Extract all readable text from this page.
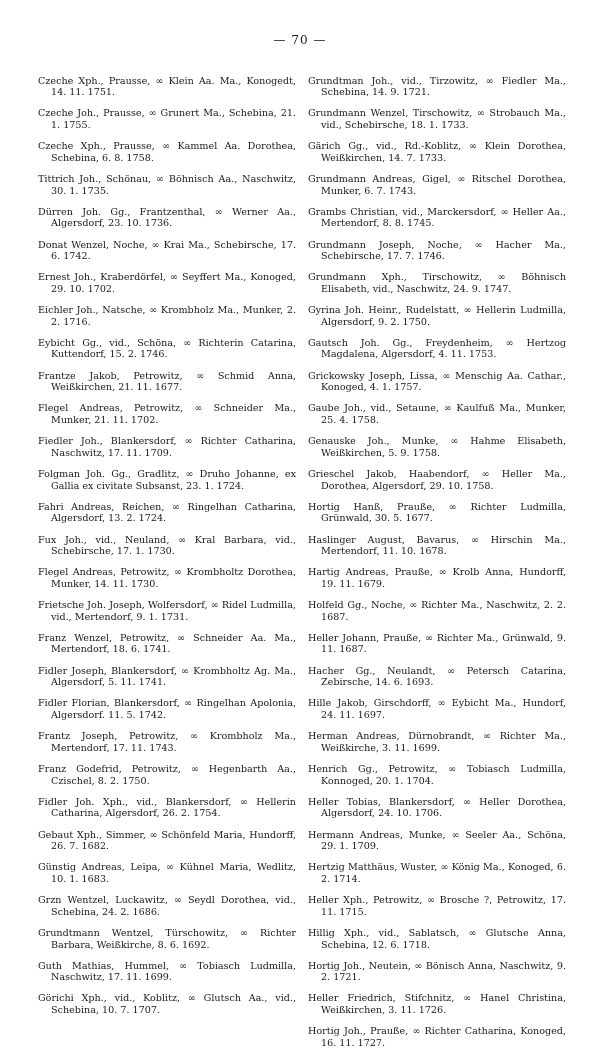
— 70 —

Czeche Xph., Prausse, ∞ Klein Aa. Ma., Konogedt, 14. 11. 1751.

Czeche Joh., Prausse, ∞ Grunert Ma., Schebina, 21. 1. 1755.

Czeche Xph., Prausse, ∞ Kammel Aa. Dorothea, Schebina, 6. 8. 1758.

Tittrich Joh., Schönau, ∞ Böhnisch Aa., Naschwitz, 30. 1. 1735.

Dürren Joh. Gg., Frantzenthal, ∞ Werner Aa., Algersdorf, 23. 10. 1736.

Donat Wenzel, Noche, ∞ Krai Ma., Schebirsche, 17. 6. 1742.

Ernest Joh., Kraberdörfel, ∞ Seyffert Ma., Konoged, 29. 10. 1702.

Eichler Joh., Natsche, ∞ Krombholz Ma., Munker, 2. 2. 1716.

Eybicht Gg., vid., Schöna, ∞ Richterin Catarina, Kuttendorf, 15. 2. 1746.

Frantze Jakob, Petrowitz, ∞ Schmid Anna, Weißkirchen, 21. 11. 1677.

Flegel Andreas, Petrowitz, ∞ Schneider Ma., Munker, 21. 11. 1702.

Fiedler Joh., Blankersdorf, ∞ Richter Catharina, Naschwitz, 17. 11. 1709.

Folgman Joh. Gg., Gradlitz, ∞ Druho Johanne, ex Gallia ex civitate Subsanst, 23. 1. 1724.

Fahri Andreas, Reichen, ∞ Ringelhan Catharina, Algersdorf, 13. 2. 1724.

Fux Joh., vid., Neuland, ∞ Kral Barbara, vid., Schebirsche, 17. 1. 1730.

Flegel Andreas, Petrowitz, ∞ Krombholtz Dorothea, Munker, 14. 11. 1730.

Frietsche Joh. Joseph, Wolfersdorf, ∞ Ridel Ludmilla, vid., Mertendorf, 9. 1. 1731.

Franz Wenzel, Petrowitz, ∞ Schneider Aa. Ma., Mertendorf, 18. 6. 1741.

Fidler Joseph, Blankersdorf, ∞ Krombholtz Ag. Ma., Algersdorf, 5. 11. 1741.

Fidler Florian, Blankersdorf, ∞ Ringelhan Apolonia, Algersdorf. 11. 5. 1742.

Frantz Joseph, Petrowitz, ∞ Krombholz Ma., Mertendorf, 17. 11. 1743.

Franz Godefrid, Petrowitz, ∞ Hegenbarth Aa., Czischel, 8. 2. 1750.

Fidler Joh. Xph., vid., Blankersdorf, ∞ Hellerin Catharina, Algersdorf, 26. 2. 1754.

Gebaut Xph., Simmer, ∞ Schönfeld Maria, Hundorff, 26. 7. 1682.

Günstig Andreas, Leipa, ∞ Kühnel Maria, Wedlitz, 10. 1. 1683.

Grzn Wentzel, Luckawitz, ∞ Seydl Dorothea, vid., Schebina, 24. 2. 1686.

Grundtmann Wentzel, Türschowitz, ∞ Richter Barbara, Weißkirche, 8. 6. 1692.

Guth Mathias, Hummel, ∞ Tobiasch Ludmilla, Naschwitz, 17. 11. 1699.

Görichi Xph., vid., Koblitz, ∞ Glutsch Aa., vid., Schebina, 10. 7. 1707.

Grundtman Joh., vid., Tirzowitz, ∞ Fiedler Ma., Schebina, 14. 9. 1721.

Grundmann Wenzel, Tirschowitz, ∞ Strobauch Ma., vid., Schebirsche, 18. 1. 1733.

Gärich Gg., vid., Rd.-Koblitz, ∞ Klein Dorothea, Weißkirchen, 14. 7. 1733.

Grundmann Andreas, Gigel, ∞ Ritschel Dorothea, Munker, 6. 7. 1743.

Grambs Christian, vid., Marckersdorf, ∞ Heller Aa., Mertendorf, 8. 8. 1745.

Grundmann Joseph, Noche, ∞ Hacher Ma., Schebirsche, 17. 7. 1746.

Grundmann Xph., Tirschowitz, ∞ Böhnisch Elisabeth, vid., Naschwitz, 24. 9. 1747.

Gyrina Joh. Heinr., Rudelstatt, ∞ Hellerin Ludmilla, Algersdorf, 9. 2. 1750.

Gautsch Joh. Gg., Freydenheim, ∞ Hertzog Magdalena, Algersdorf, 4. 11. 1753.

Grickowsky Joseph, Lissa, ∞ Menschig Aa. Cathar., Konoged, 4. 1. 1757.

Gaube Joh., vid., Setaune, ∞ Kaulfuß Ma., Munker, 25. 4. 1758.

Genauske Joh., Munke, ∞ Hahme Elisabeth, Weißkirchen, 5. 9. 1758.

Grieschel Jakob, Haabendorf, ∞ Heller Ma., Dorothea, Algersdorf, 29. 10. 1758.

Hortig Hanß, Prauße, ∞ Richter Ludmilla, Grünwald, 30. 5. 1677.

Haslinger August, Bavarus, ∞ Hirschin Ma., Mertendorf, 11. 10. 1678.

Hartig Andreas, Prauße, ∞ Krolb Anna, Hundorff, 19. 11. 1679.

Holfeld Gg., Noche, ∞ Richter Ma., Naschwitz, 2. 2. 1687.

Heller Johann, Prauße, ∞ Richter Ma., Grünwald, 9. 11. 1687.

Hacher Gg., Neulandt, ∞ Petersch Catarina, Zebirsche, 14. 6. 1693.

Hille Jakob, Girschdorff, ∞ Eybicht Ma., Hundorf, 24. 11. 1697.

Herman Andreas, Dürnobrandt, ∞ Richter Ma., Weißkirche, 3. 11. 1699.

Henrich Gg., Petrowitz, ∞ Tobiasch Ludmilla, Konnoged, 20. 1. 1704.

Heller Tobias, Blankersdorf, ∞ Heller Dorothea, Algersdorf, 24. 10. 1706.

Hermann Andreas, Munke, ∞ Seeler Aa., Schöna, 29. 1. 1709.

Hertzig Matthäus, Wuster, ∞ König Ma., Konoged, 6. 2. 1714.

Heller Xph., Petrowitz, ∞ Brosche ?, Petrowitz, 17. 11. 1715.

Hillig Xph., vid., Sablatsch, ∞ Glutsche Anna, Schebina, 12. 6. 1718.

Hortig Joh., Neutein, ∞ Bönisch Anna, Naschwitz, 9. 2. 1721.

Heller Friedrich, Stifchnitz, ∞ Hanel Christina, Weißkirchen, 3. 11. 1726.

Hortig Joh., Prauße, ∞ Richter Catharina, Konoged, 16. 11. 1727.
